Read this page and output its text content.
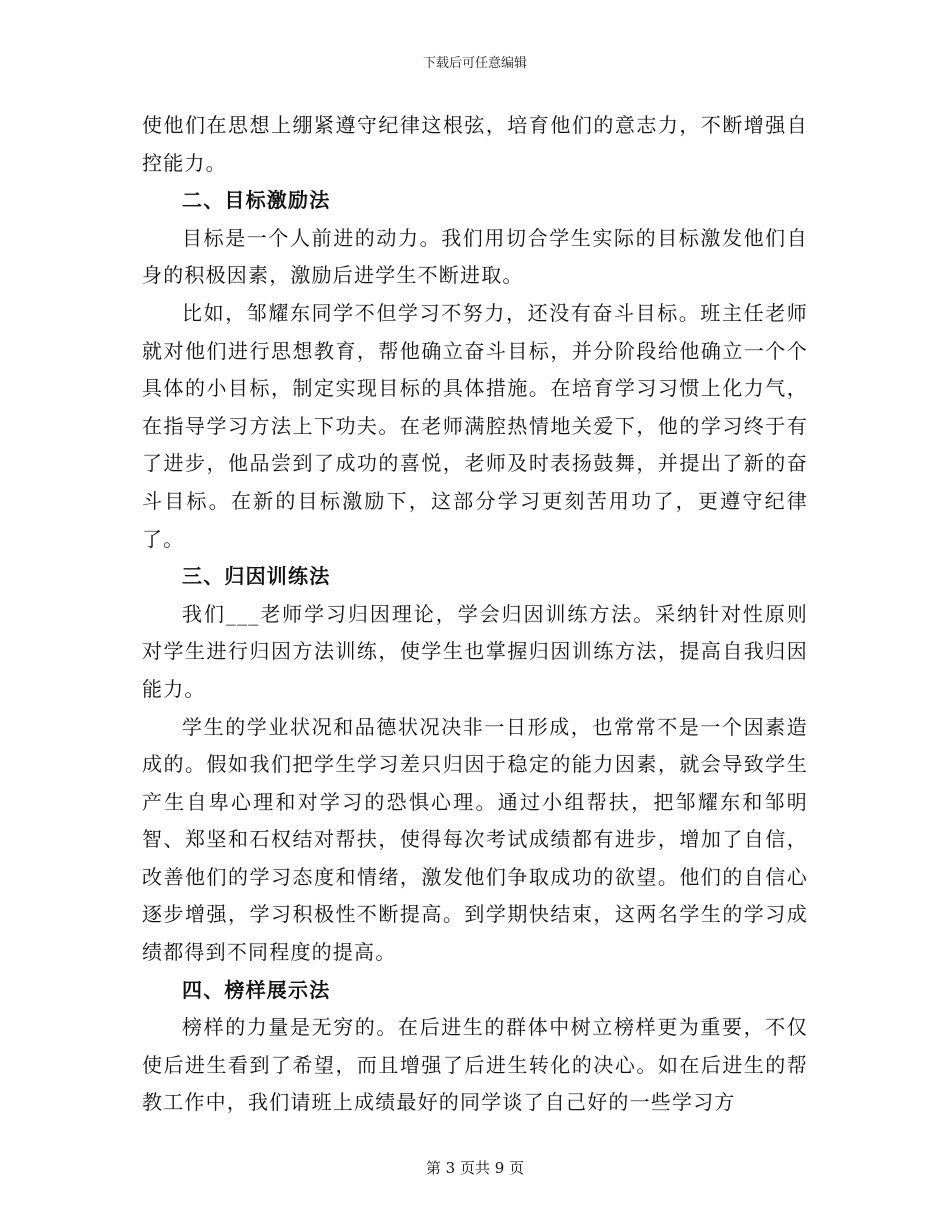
下载后可任意编辑

使他们在思想上绷紧遵守纪律这根弦，培育他们的意志力，不断增强自控能力。

二、目标激励法

目标是一个人前进的动力。我们用切合学生实际的目标激发他们自身的积极因素，激励后进学生不断进取。

比如，邹耀东同学不但学习不努力，还没有奋斗目标。班主任老师就对他们进行思想教育，帮他确立奋斗目标，并分阶段给他确立一个个具体的小目标，制定实现目标的具体措施。在培育学习习惯上化力气，在指导学习方法上下功夫。在老师满腔热情地关爱下，他的学习终于有了进步，他品尝到了成功的喜悦，老师及时表扬鼓舞，并提出了新的奋斗目标。在新的目标激励下，这部分学习更刻苦用功了，更遵守纪律了。

三、归因训练法

我们___老师学习归因理论，学会归因训练方法。采纳针对性原则对学生进行归因方法训练，使学生也掌握归因训练方法，提高自我归因能力。

学生的学业状况和品德状况决非一日形成，也常常不是一个因素造成的。假如我们把学生学习差只归因于稳定的能力因素，就会导致学生产生自卑心理和对学习的恐惧心理。通过小组帮扶，把邹耀东和邹明智、郑坚和石权结对帮扶，使得每次考试成绩都有进步，增加了自信，改善他们的学习态度和情绪，激发他们争取成功的欲望。他们的自信心逐步增强，学习积极性不断提高。到学期快结束，这两名学生的学习成绩都得到不同程度的提高。

四、榜样展示法

榜样的力量是无穷的。在后进生的群体中树立榜样更为重要，不仅使后进生看到了希望，而且增强了后进生转化的决心。如在后进生的帮教工作中，我们请班上成绩最好的同学谈了自己好的一些学习方

第 3 页共 9 页
